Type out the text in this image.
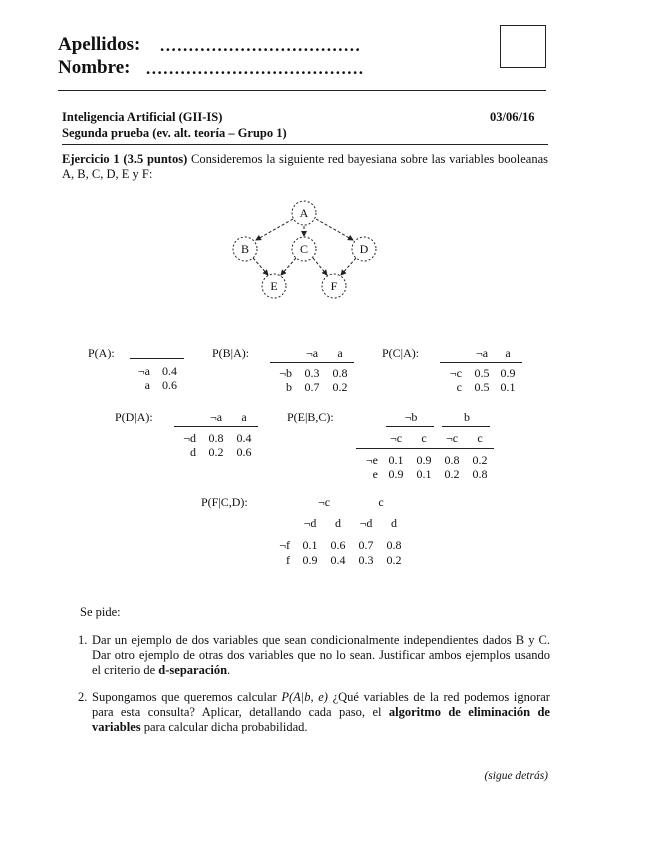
Apellidos: ...................................
Nombre: ......................................
Inteligencia Artificial (GII-IS)	03/06/16
Segunda prueba (ev. alt. teoría – Grupo 1)
Ejercicio 1 (3.5 puntos) Consideremos la siguiente red bayesiana sobre las variables booleanas A, B, C, D, E y F:
A
B	C	D
E	F
P(A):
¬a 0.4
a 0.6
P(B|A):	¬a	a
¬b	0.3	0.8
b	0.7	0.2
P(C|A):	¬a	a
¬c	0.5 0.9
c	0.5 0.1
P(D|A):	¬a	a
¬d	0.8	0.4
d	0.2	0.6
P(E|B,C):	¬b	b
¬c	c	¬c	c
¬e 0.1	0.9	0.8	0.2
e 0.9	0.1	0.2	0.8
P(F|C,D):	¬c	c
¬d	d	¬d	d
¬f	0.1	0.6	0.7	0.8
f	0.9	0.4	0.3	0.2
Se pide:
1. Dar un ejemplo de dos variables que sean condicionalmente independientes dados B y C. Dar otro ejemplo de otras dos variables que no lo sean. Justificar ambos ejemplos usando el criterio de d-separación.
2. Supongamos que queremos calcular P(A|b, e) ¿Qué variables de la red podemos ignorar para esta consulta? Aplicar, detallando cada paso, el algoritmo de eliminación de variables para calcular dicha probabilidad.
(sigue detrás)
